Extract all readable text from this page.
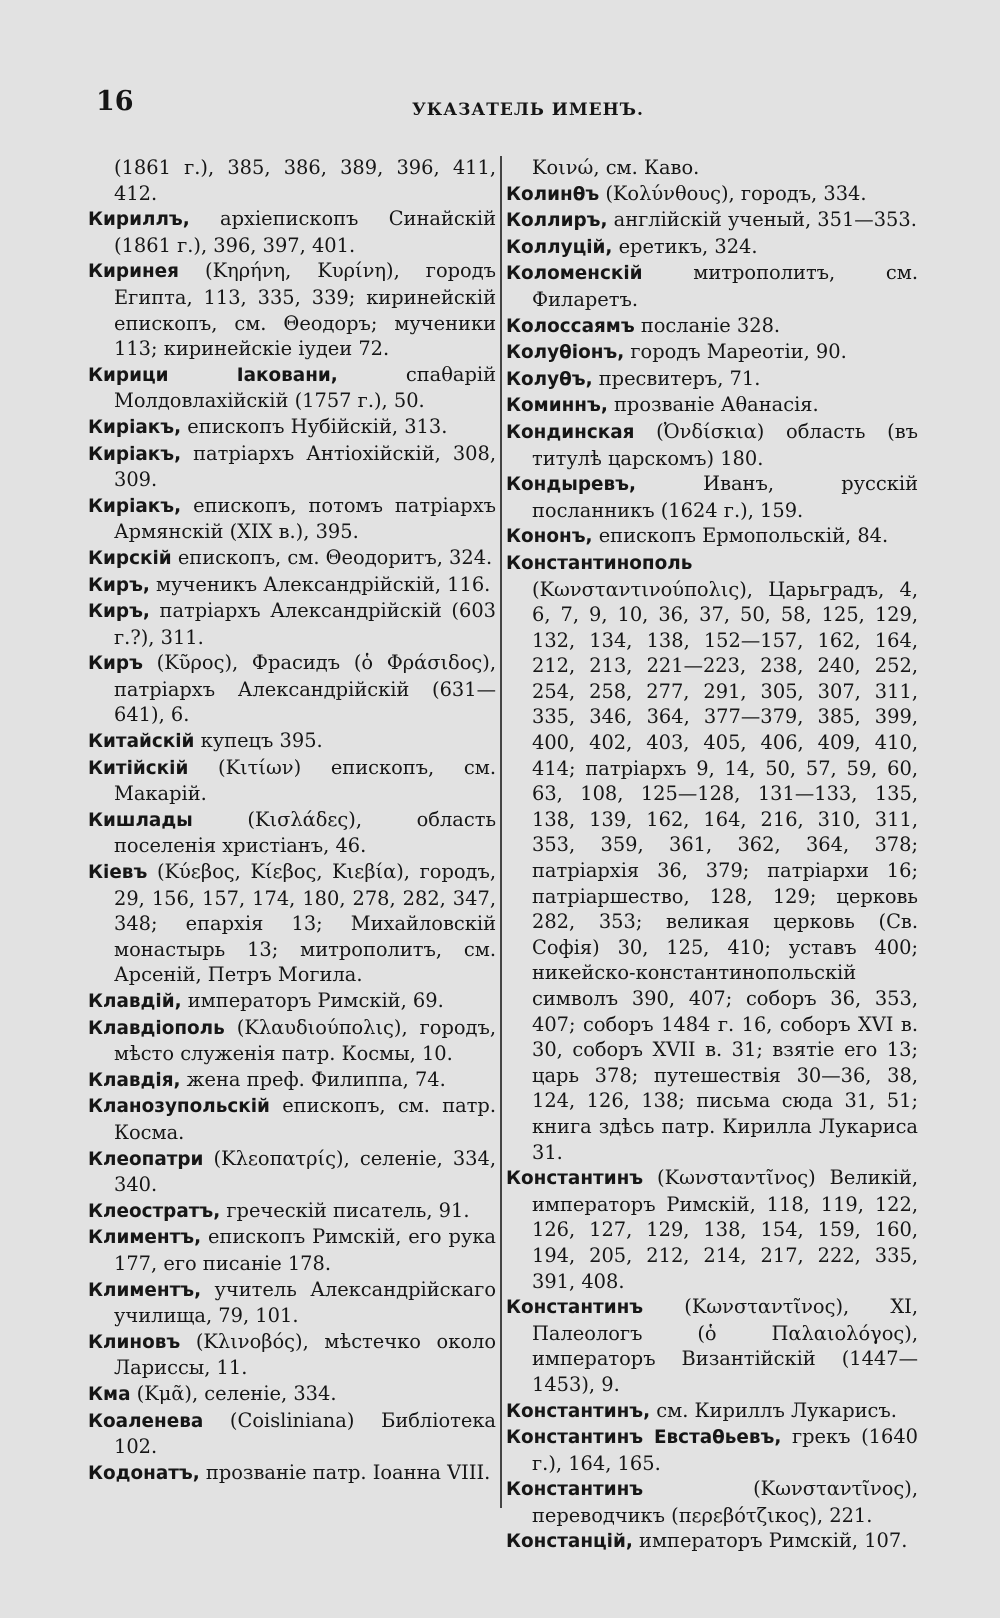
16	УКАЗАТЕЛЬ ИМЕНЪ.

(1861 г.), 385, 386, 389, 396, 411, 412.

Кириллъ, архіепископъ Синайскій (1861 г.), 396, 397, 401.

Киринея (Κηρήνη, Κυρίνη), городъ Египта, 113, 335, 339; киринейскій епископъ, см. Θеодоръ; мученики 113; киринейскіе іудеи 72.

Кирици Іаковани, спаθарій Молдовлахійскій (1757 г.), 50.

Киріакъ, епископъ Нубійскій, 313.

Киріакъ, патріархъ Антіохійскій, 308, 309.

Киріакъ, епископъ, потомъ патріархъ Армянскій (XIX в.), 395.

Кирскій епископъ, см. Θеодоритъ, 324.

Киръ, мученикъ Александрійскій, 116.

Киръ, патріархъ Александрійскій (603 г.?), 311.

Киръ (Κῦρος), Фрасидъ (ὁ Φράσιδος), патріархъ Александрійскій (631—641), 6.

Китайскій купецъ 395.

Китійскій (Κιτίων) епископъ, см. Макарій.

Кишлады (Κισλάδες), область поселенія христіанъ, 46.

Кіевъ (Κύεβος, Κίεβος, Κιεβία), городъ, 29, 156, 157, 174, 180, 278, 282, 347, 348; епархія 13; Михайловскій монастырь 13; митрополитъ, см. Арсеній, Петръ Могила.

Клавдій, императоръ Римскій, 69.

Клавдіополь (Κλαυδιούπολις), городъ, мѣсто служенія патр. Космы, 10.

Клавдія, жена преф. Филиппа, 74.

Кланозупольскій епископъ, см. патр. Косма.

Клеопатри (Κλεοπατρίς), селеніе, 334, 340.

Клеостратъ, греческій писатель, 91.

Климентъ, епископъ Римскій, его рука 177, его писаніе 178.

Климентъ, учитель Александрійскаго училища, 79, 101.

Клиновъ (Κλινοβός), мѣстечко около Лариссы, 11.

Кма (Κμᾶ), селеніе, 334.

Коаленева (Coisliniana) Библіотека 102.

Кодонатъ, прозваніе патр. Іоанна VIII.

Κοινώ, см. Каво.

Колинθъ (Κολύνθους), городъ, 334.

Коллиръ, англійскій ученый, 351—353.

Коллуцій, еретикъ, 324.

Коломенскій митрополитъ, см. Филаретъ.

Колоссаямъ посланіе 328.

Колуθіонъ, городъ Мареотіи, 90.

Колуθъ, пресвитеръ, 71.

Коминнъ, прозваніе Аθанасія.

Кондинская (Ὀνδίσκια) область (въ титулѣ царскомъ) 180.

Кондыревъ, Иванъ, русскій посланникъ (1624 г.), 159.

Кононъ, епископъ Ермопольскій, 84.

Константинополь (Κωνσταντινούπολις), Царьградъ, 4, 6, 7, 9, 10, 36, 37, 50, 58, 125, 129, 132, 134, 138, 152—157, 162, 164, 212, 213, 221—223, 238, 240, 252, 254, 258, 277, 291, 305, 307, 311, 335, 346, 364, 377—379, 385, 399, 400, 402, 403, 405, 406, 409, 410, 414; патріархъ 9, 14, 50, 57, 59, 60, 63, 108, 125—128, 131—133, 135, 138, 139, 162, 164, 216, 310, 311, 353, 359, 361, 362, 364, 378; патріархія 36, 379; патріархи 16; патріаршество, 128, 129; церковь 282, 353; великая церковь (Св. Софія) 30, 125, 410; уставъ 400; никейско-константинопольскій символъ 390, 407; соборъ 36, 353, 407; соборъ 1484 г. 16, соборъ XVI в. 30, соборъ XVII в. 31; взятіе его 13; царь 378; путешествія 30—36, 38, 124, 126, 138; письма сюда 31, 51; книга здѣсь патр. Кирилла Лукариса 31.

Константинъ (Κωνσταντῖνος) Великій, императоръ Римскій, 118, 119, 122, 126, 127, 129, 138, 154, 159, 160, 194, 205, 212, 214, 217, 222, 335, 391, 408.

Константинъ (Κωνσταντῖνος), XI, Палеологъ (ὁ Παλαιολόγος), императоръ Византійскій (1447—1453), 9.

Константинъ, см. Кириллъ Лукарисъ.

Константинъ Евстаθьевъ, грекъ (1640 г.), 164, 165.

Константинъ (Κωνσταντῖνος), переводчикъ (περεβότζικος), 221.

Констанцій, императоръ Римскій, 107.
